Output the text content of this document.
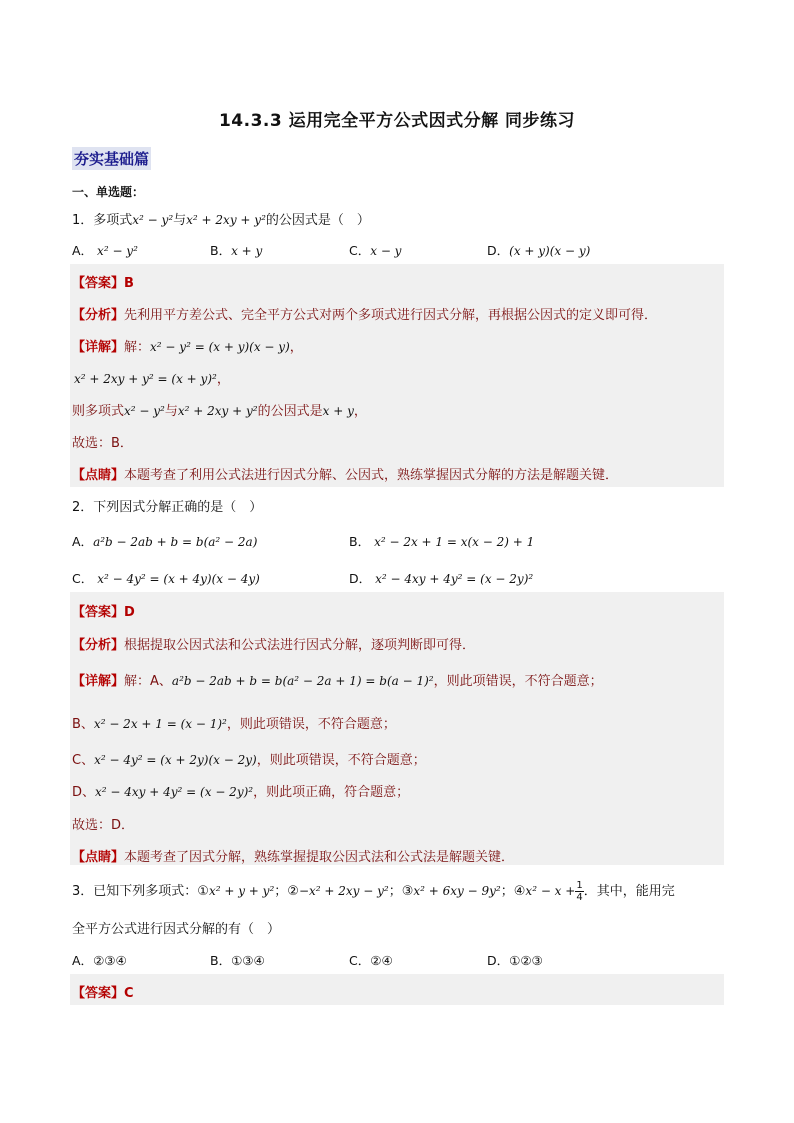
14.3.3 运用完全平方公式因式分解 同步练习
夯实基础篇
一、单选题：
1．多项式x² − y²与x² + 2xy + y²的公因式是（　）
A． x² − y²	B．x + y	C．x − y	D．(x + y)(x − y)
【答案】B
【分析】先利用平方差公式、完全平方公式对两个多项式进行因式分解，再根据公因式的定义即可得．
【详解】解：x² − y² = (x + y)(x − y)，
x² + 2xy + y² = (x + y)²，
则多项式x² − y²与x² + 2xy + y²的公因式是x + y，
故选：B．
【点睛】本题考查了利用公式法进行因式分解、公因式，熟练掌握因式分解的方法是解题关键．
2．下列因式分解正确的是（　）
A．a²b − 2ab + b = b(a² − 2a)	B． x² − 2x + 1 = x(x − 2) + 1
C． x² − 4y² = (x + 4y)(x − 4y)	D． x² − 4xy + 4y² = (x − 2y)²
【答案】D
【分析】根据提取公因式法和公式法进行因式分解，逐项判断即可得．
【详解】解：A、a²b − 2ab + b = b(a² − 2a + 1) = b(a − 1)²，则此项错误，不符合题意；
B、x² − 2x + 1 = (x − 1)²，则此项错误，不符合题意；
C、x² − 4y² = (x + 2y)(x − 2y)，则此项错误，不符合题意；
D、x² − 4xy + 4y² = (x − 2y)²，则此项正确，符合题意；
故选：D．
【点睛】本题考查了因式分解，熟练掌握提取公因式法和公式法是解题关键．
3．已知下列多项式：①x² + y + y²；②−x² + 2xy − y²；③x² + 6xy − 9y²；④x² − $x + \frac{1}{4}$ ．其中，能用完
全平方公式进行因式分解的有（　）
A．②③④	B．①③④	C．②④	D．①②③
【答案】C
